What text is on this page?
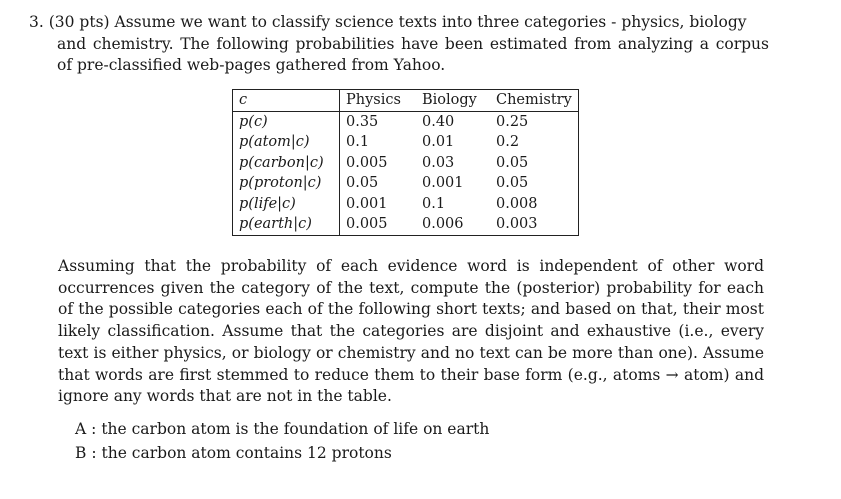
3. (30 pts) Assume we want to classify science texts into three categories - physics, biology
and chemistry. The following probabilities have been estimated from analyzing a corpus of pre-classified web-pages gathered from Yahoo.
c	Physics	Biology	Chemistry
p(c)	0.35	0.40	0.25
p(atom|c)	0.1	0.01	0.2
p(carbon|c)	0.005	0.03	0.05
p(proton|c)	0.05	0.001	0.05
p(life|c)	0.001	0.1	0.008
p(earth|c)	0.005	0.006	0.003
Assuming that the probability of each evidence word is independent of other word occurrences given the category of the text, compute the (posterior) probability for each of the possible categories each of the following short texts; and based on that, their most likely classification. Assume that the categories are disjoint and exhaustive (i.e., every text is either physics, or biology or chemistry and no text can be more than one). Assume that words are first stemmed to reduce them to their base form (e.g., atoms → atom) and ignore any words that are not in the table.
A : the carbon atom is the foundation of life on earth
B : the carbon atom contains 12 protons
